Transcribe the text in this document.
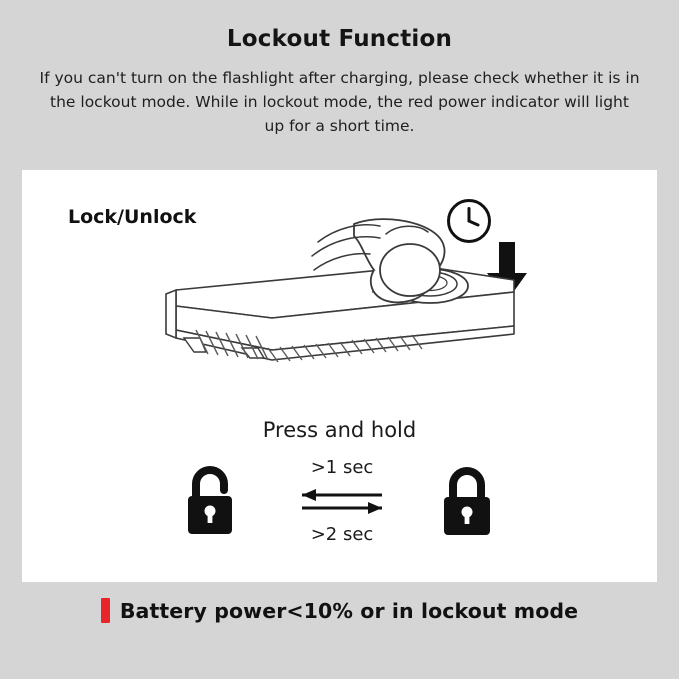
Lockout Function
If you can't turn on the flashlight after charging, please check whether it is in the lockout mode. While in lockout mode, the red power indicator will light up for a short time.
Lock/Unlock
Press and hold
>1 sec
>2 sec
Battery power<10% or in lockout mode
